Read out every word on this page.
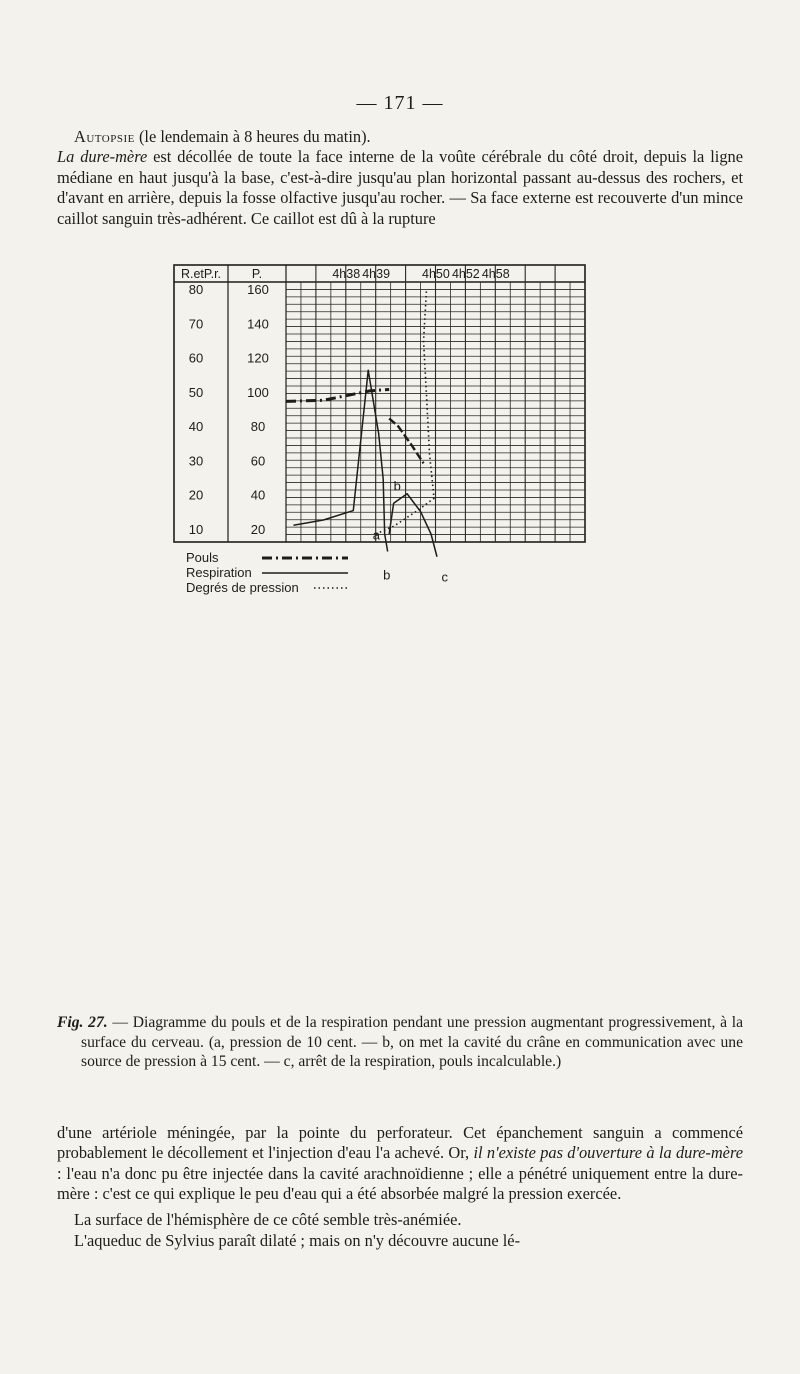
— 171 —

Autopsie (le lendemain à 8 heures du matin).
La dure-mère est décollée de toute la face interne de la voûte cérébrale du côté droit, depuis la ligne médiane en haut jusqu'à la base, c'est-à-dire jusqu'au plan horizontal passant au-dessus des rochers, et d'avant en arrière, depuis la fosse olfactive jusqu'au rocher. — Sa face externe est recouverte d'un mince caillot sanguin très-adhérent. Ce caillot est dû à la rupture

R.etP.r. P.	4h38 4h39	4h50 4h52 4h58
80	160
70	140
60	120
50	100
40	80
30	60
20	40
10	20	a
b
b
c
Pouls
Respiration
Degrés de pression

Fig. 27. — Diagramme du pouls et de la respiration pendant une pression augmentant progressivement, à la surface du cerveau. (a, pression de 10 cent. — b, on met la cavité du crâne en communication avec une source de pression à 15 cent. — c, arrêt de la respiration, pouls incalculable.)

d'une artériole méningée, par la pointe du perforateur. Cet épanchement sanguin a commencé probablement le décollement et l'injection d'eau l'a achevé. Or, il n'existe pas d'ouverture à la dure-mère : l'eau n'a donc pu être injectée dans la cavité arachnoïdienne ; elle a pénétré uniquement entre la dure-mère : c'est ce qui explique le peu d'eau qui a été absorbée malgré la pression exercée.

La surface de l'hémisphère de ce côté semble très-anémiée.

L'aqueduc de Sylvius paraît dilaté ; mais on n'y découvre aucune lé-
